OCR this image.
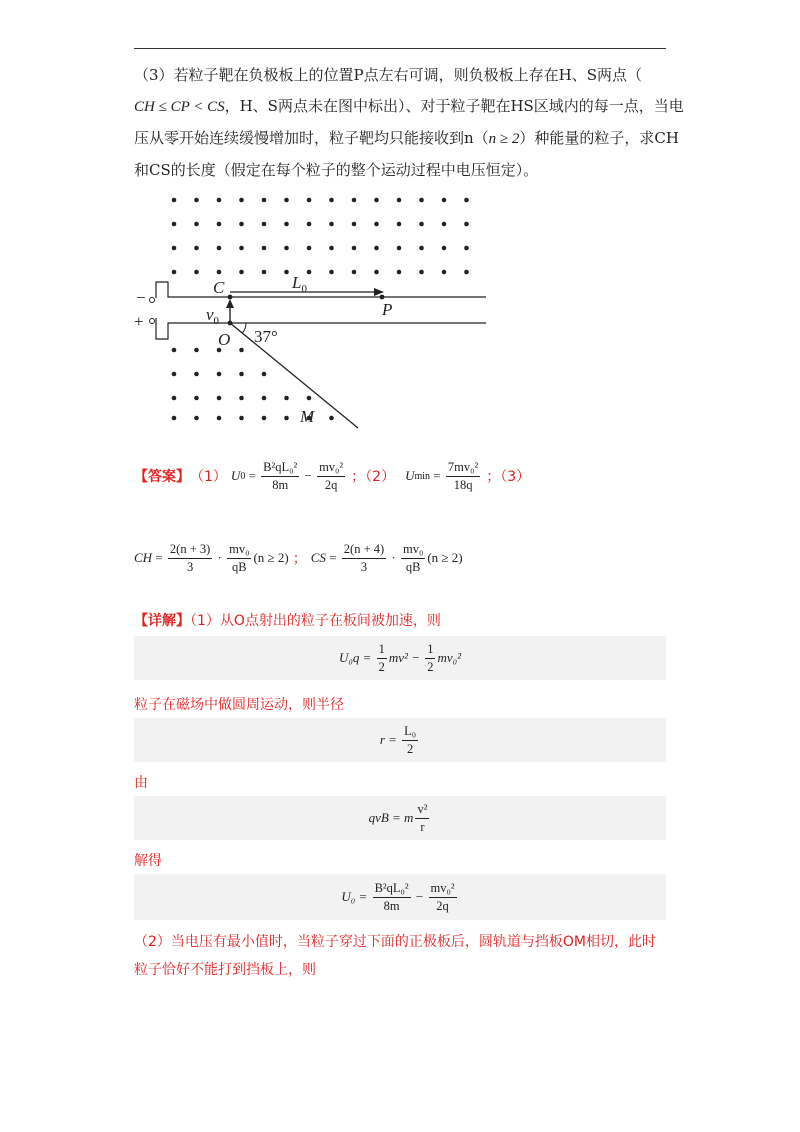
（3）若粒子靶在负极板上的位置P点左右可调，则负极板上存在H、S两点（
CH ≤ CP < CS，H、S两点未在图中标出）、对于粒子靶在HS区域内的每一点，当电
压从零开始连续缓慢增加时，粒子靶均只能接收到n（n ≥ 2）种能量的粒子，求CH
和CS的长度（假定在每个粒子的整个运动过程中电压恒定）。
C	$L_0$
P
−
+	$v_0$
O 37°
M
【答案】 （1） U $0 = \frac{\text{B²qL₀²}}{8m} - \frac{\text{mv₀²}}{2q}$ ；（2） U $\min = \frac{\text{7mv₀²}}{18q}$ ；（3）
CH = $\frac{2(n + 3)}{3} \cdot \frac{\text{mv₀}}{qB} (n \ge 2)$ ； CS = $\frac{2(n + 4)}{3} \cdot \frac{\text{mv₀}}{qB} (n \ge 2)$
【详解】（1）从O点射出的粒子在板间被加速，则
U₀q =
$\frac{1}{2} mv^2$ −
$\frac{1}{2} mv_0^2$
粒子在磁场中做圆周运动，则半径
r =
$\frac{\text{L₀}}{2}$
由
qvB = m $\frac{\text{v²}}{r}$
解得
U₀ =
$\frac{\text{B²qL₀²}}{8m}$
−
$\frac{\text{mv₀²}}{2q}$
（2）当电压有最小值时，当粒子穿过下面的正极板后，圆轨道与挡板OM相切，此时
粒子恰好不能打到挡板上，则
